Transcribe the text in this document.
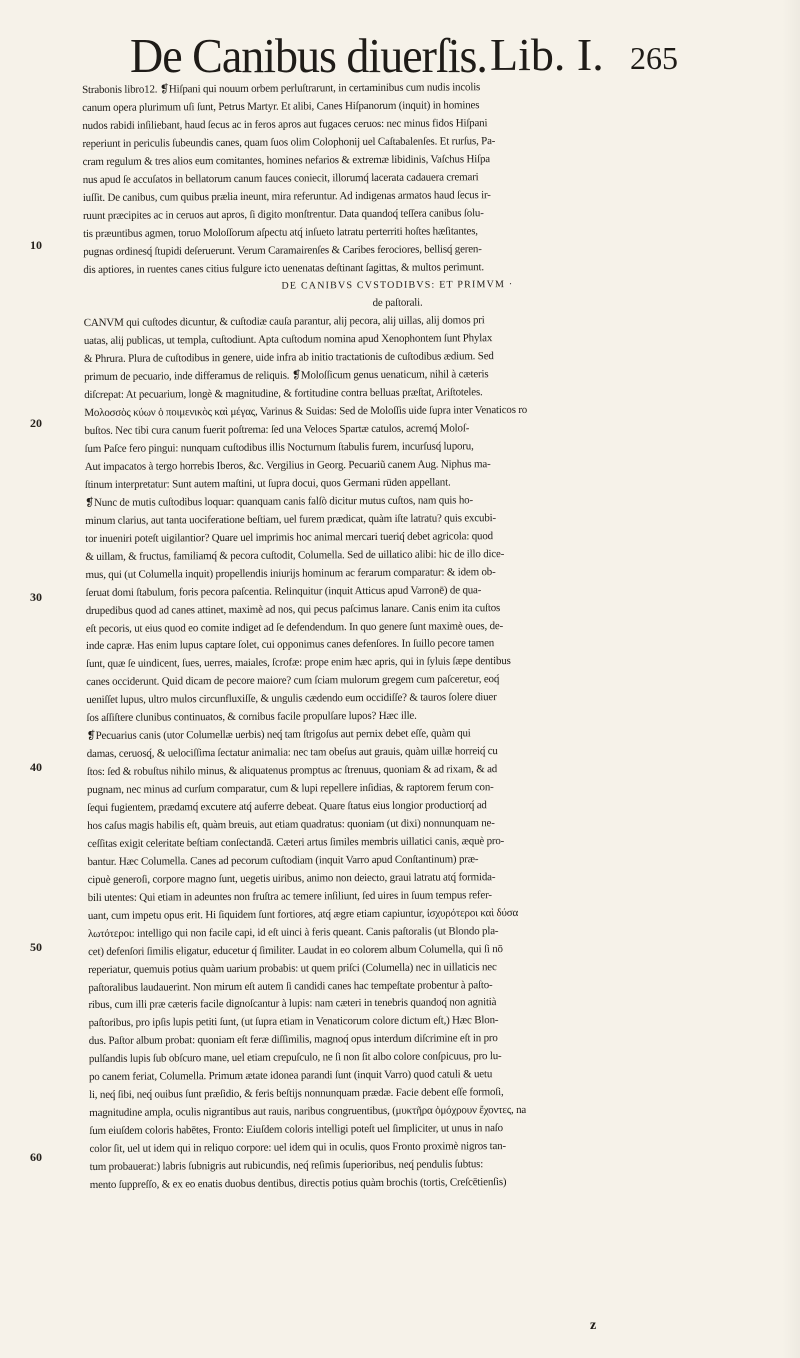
De Canibus diuerſis. Lib. I. 265
10
20
30
40
50
60
Strabonis libro12. ❡Hiſpani qui nouum orbem perluſtrarunt, in certaminibus cum nudis incolis
canum opera plurimum uſi ſunt, Petrus Martyr. Et alibi, Canes Hiſpanorum (inquit) in homines
nudos rabidi inſiliebant, haud ſecus ac in feros apros aut fugaces ceruos: nec minus fidos Hiſpani
reperiunt in periculis ſubeundis canes, quam ſuos olim Colophonij uel Caſtabalenſes. Et rurſus, Pa-
cram regulum & tres alios eum comitantes, homines nefarios & extremæ libidinis, Vaſchus Hiſpa
nus apud ſe accuſatos in bellatorum canum fauces coniecit, illorumq́ lacerata cadauera cremari
iuſſit. De canibus, cum quibus prælia ineunt, mira referuntur. Ad indigenas armatos haud ſecus ir-
ruunt præcipites ac in ceruos aut apros, ſi digito monſtrentur. Data quandoq́ teſſera canibus ſolu-
tis præuntibus agmen, toruo Moloſſorum aſpectu atq́ inſueto latratu perterriti hoſtes hæſitantes,
pugnas ordinesq́ ſtupidi deſeruerunt. Verum Caramairenſes & Caribes ferociores, bellisq́ geren-
dis aptiores, in ruentes canes citius fulgure icto uenenatas deſtinant ſagittas, & multos perimunt.
DE CANIBVS CVSTODIBVS: ET PRIMVM ·
de paſtorali.
CANVM qui cuſtodes dicuntur, & cuſtodiæ cauſa parantur, alij pecora, alij uillas, alij domos pri
uatas, alij publicas, ut templa, cuſtodiunt. Apta cuſtodum nomina apud Xenophontem ſunt Phylax
& Phrura. Plura de cuſtodibus in genere, uide infra ab initio tractationis de cuſtodibus ædium. Sed
primum de pecuario, inde differamus de reliquis. ❡Moloſſicum genus uenaticum, nihil à cæteris
diſcrepat: At pecuarium, longè & magnitudine, & fortitudine contra belluas præſtat, Ariſtoteles.
Μολοσσὸς κύων ὁ ποιμενικὸς καὶ μέγας, Varinus & Suidas: Sed de Moloſſis uide ſupra inter Venaticos ro
buſtos. Nec tibi cura canum fuerit poſtrema: ſed una Veloces Spartæ catulos, acremq́ Moloſ-
ſum Paſce fero pingui: nunquam cuſtodibus illis Nocturnum ſtabulis furem, incurſusq́ luporu,
Aut impacatos à tergo horrebis Iberos, &c. Vergilius in Georg. Pecuariũ canem Aug. Niphus ma-
ſtinum interpretatur: Sunt autem maſtini, ut ſupra docui, quos Germani rüden appellant.
❡Nunc de mutis cuſtodibus loquar: quanquam canis falſò dicitur mutus cuſtos, nam quis ho-
minum clarius, aut tanta uociferatione beſtiam, uel furem prædicat, quàm iſte latratu? quis excubi-
tor inueniri poteſt uigilantior? Quare uel imprimis hoc animal mercari tueriq́ debet agricola: quod
& uillam, & fructus, familiamq́ & pecora cuſtodit, Columella. Sed de uillatico alibi: hic de illo dice-
mus, qui (ut Columella inquit) propellendis iniurijs hominum ac ferarum comparatur: & idem ob-
ſeruat domi ſtabulum, foris pecora paſcentia. Relinquitur (inquit Atticus apud Varronē) de qua-
drupedibus quod ad canes attinet, maximè ad nos, qui pecus paſcimus lanare. Canis enim ita cuſtos
eſt pecoris, ut eius quod eo comite indiget ad ſe defendendum. In quo genere ſunt maximè oues, de-
inde capræ. Has enim lupus captare ſolet, cui opponimus canes defenſores. In ſuillo pecore tamen
ſunt, quæ ſe uindicent, ſues, uerres, maiales, ſcrofæ: prope enim hæc apris, qui in ſyluis ſæpe dentibus
canes occiderunt. Quid dicam de pecore maiore? cum ſciam mulorum gregem cum paſceretur, eoq́
ueniſſet lupus, ultro mulos circunfluxiſſe, & ungulis cædendo eum occidiſſe? & tauros ſolere diuer
ſos aſſiſtere clunibus continuatos, & cornibus facile propulſare lupos? Hæc ille.
❡Pecuarius canis (utor Columellæ uerbis) neq́ tam ſtrigoſus aut pernix debet eſſe, quàm qui
damas, ceruosq́, & uelociſſima ſectatur animalia: nec tam obeſus aut grauis, quàm uillæ horreiq́ cu
ſtos: ſed & robuſtus nihilo minus, & aliquatenus promptus ac ſtrenuus, quoniam & ad rixam, & ad
pugnam, nec minus ad curſum comparatur, cum & lupi repellere inſidias, & raptorem ferum con-
ſequi fugientem, prædamq́ excutere atq́ auferre debeat. Quare ſtatus eius longior productiorq́ ad
hos caſus magis habilis eſt, quàm breuis, aut etiam quadratus: quoniam (ut dixi) nonnunquam ne-
ceſſitas exigit celeritate beſtiam conſectandā. Cæteri artus ſimiles membris uillatici canis, æquè pro-
bantur. Hæc Columella. Canes ad pecorum cuſtodiam (inquit Varro apud Conſtantinum) præ-
cipuè generoſi, corpore magno ſunt, uegetis uiribus, animo non deiecto, graui latratu atq́ formida-
bili utentes: Qui etiam in adeuntes non fruſtra ac temere inſiliunt, ſed uires in ſuum tempus refer-
uant, cum impetu opus erit. Hi ſiquidem ſunt fortiores, atq́ ægre etiam capiuntur, ἰσχυρότεροι καὶ δύσα
λωτότεροι: intelligo qui non facile capi, id eſt uinci à feris queant. Canis paſtoralis (ut Blondo pla-
cet) defenſori ſimilis eligatur, educetur q́ ſimiliter. Laudat in eo colorem album Columella, qui ſi nō
reperiatur, quemuis potius quàm uarium probabis: ut quem priſci (Columella) nec in uillaticis nec
paſtoralibus laudauerint. Non mirum eſt autem ſi candidi canes hac tempeſtate probentur à paſto-
ribus, cum illi præ cæteris facile dignoſcantur à lupis: nam cæteri in tenebris quandoq́ non agnitià
paſtoribus, pro ipſis lupis petiti ſunt, (ut ſupra etiam in Venaticorum colore dictum eſt,) Hæc Blon-
dus. Paſtor album probat: quoniam eſt feræ diſſimilis, magnoq́ opus interdum diſcrimine eſt in pro
pulſandis lupis ſub obſcuro mane, uel etiam crepuſculo, ne ſi non ſit albo colore conſpicuus, pro lu-
po canem feriat, Columella. Primum ætate idonea parandi ſunt (inquit Varro) quod catuli & uetu
li, neq́ ſibi, neq́ ouibus ſunt præſidio, & feris beſtijs nonnunquam prædæ. Facie debent eſſe formoſi,
magnitudine ampla, oculis nigrantibus aut rauis, naribus congruentibus, (μυκτῆρα ὁμόχρουν ἔχοντες, na
ſum eiuſdem coloris habētes, Fronto: Eiuſdem coloris intelligi poteſt uel ſimpliciter, ut unus in naſo
color ſit, uel ut idem qui in reliquo corpore: uel idem qui in oculis, quos Fronto proximè nigros tan-
tum probauerat:) labris ſubnigris aut rubicundis, neq́ reſimis ſuperioribus, neq́ pendulis ſubtus:
mento ſuppreſſo, & ex eo enatis duobus dentibus, directis potius quàm brochis (tortis, Creſcētienſis)
z
